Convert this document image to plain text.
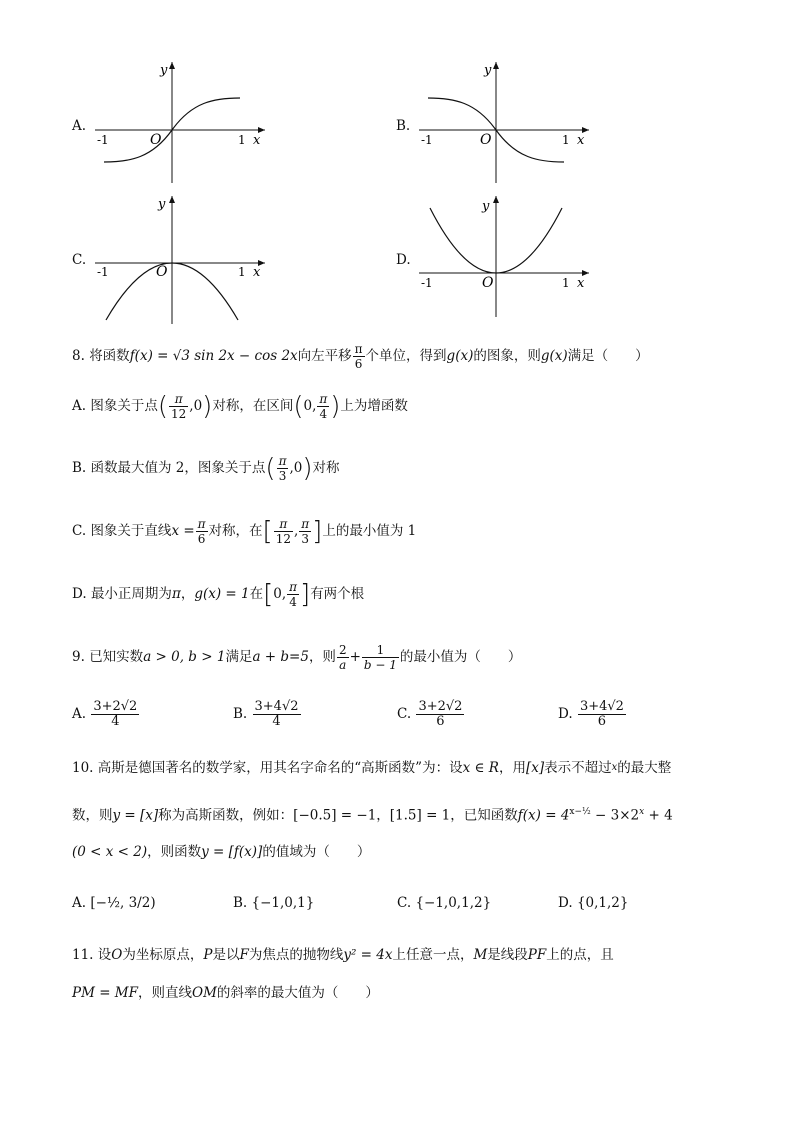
A.
y
x
O
-1	1
B.
y
x
O
-1	1
C.
y
x
O
-1	1
D.
y
x
O
-1	1
8. 将函数f(x) = √3 sin 2x − cos 2x向左平移 $\frac{\pi}{6}$ 个单位，得到g(x)的图象，则g(x)满足（　　）
A. 图象关于点( $\frac{\pi}{12} ,0$)对称，在区间(0, $\frac{\pi}{4}$ )上为增函数
B. 函数最大值为 2，图象关于点( $\frac{\pi}{3} ,0$)对称
C. 图象关于直线$x = \frac{\pi}{6}$ 对称，在[ $\frac{\pi}{12}$ , $\frac{\pi}{3}$ ]上的最小值为 1
D. 最小正周期为π，g(x) = 1在[0, $\frac{\pi}{4}$ ]有两个根
9. 已知实数a > 0, b > 1满足a + b=5，则 $\frac{2}{a} + \frac{1}{b - 1}$ 的最小值为（　　）
A. $\frac{3+2√2}{4}$	B. $\frac{3+4√2}{4}$	C. $\frac{3+2√2}{6}$	D. $\frac{3+4√2}{6}$
10. 高斯是德国著名的数学家，用其名字命名的“高斯函数”为：设x ∈ R，用[x]表示不超过$^x$的最大整
数，则y = [x]称为高斯函数，例如：[−0.5] = −1，[1.5] = 1，已知函数$f(x) = 4^{x-\frac{1}{2}} - 3\times 2^x + 4$
(0 < x < 2)，则函数y = [f(x)]的值域为（　　）
A. [−½, 3/2)	B. {−1,0,1}	C. {−1,0,1,2}	D. {0,1,2}
11. 设O为坐标原点，P是以F为焦点的抛物线y² = 4x上任意一点，M是线段PF上的点，且
PM = MF，则直线OM的斜率的最大值为（　　）
